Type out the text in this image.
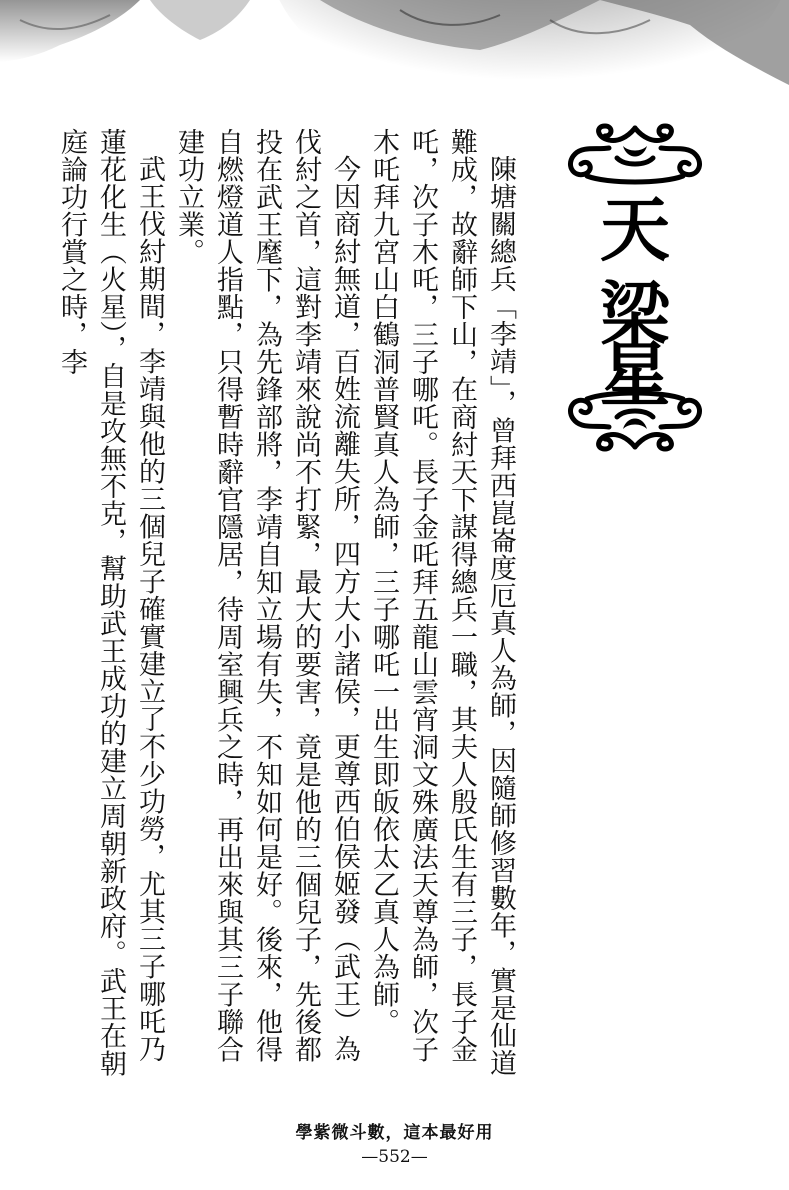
天
梁
星

陳塘關總兵「李靖」，曾拜西崑崙度厄真人為師，因隨師修習數年，實是仙道難成，故辭師下山，在商紂天下謀得總兵一職，其夫人殷氏生有三子，長子金吒，次子木吒，三子哪吒。長子金吒拜五龍山雲宵洞文殊廣法天尊為師，次子木吒拜九宮山白鶴洞普賢真人為師，三子哪吒一出生即皈依太乙真人為師。

今因商紂無道，百姓流離失所，四方大小諸侯，更尊西伯侯姬發（武王）為伐紂之首，這對李靖來說尚不打緊，最大的要害，竟是他的三個兒子，先後都投在武王麾下，為先鋒部將，李靖自知立場有失，不知如何是好。後來，他得自燃燈道人指點，只得暫時辭官隱居，待周室興兵之時，再出來與其三子聯合建功立業。

武王伐紂期間，李靖與他的三個兒子確實建立了不少功勞，尤其三子哪吒乃蓮花化生（火星），自是攻無不克，幫助武王成功的建立周朝新政府。武王在朝庭論功行賞之時，李

學紫微斗數，這本最好用
—552—
